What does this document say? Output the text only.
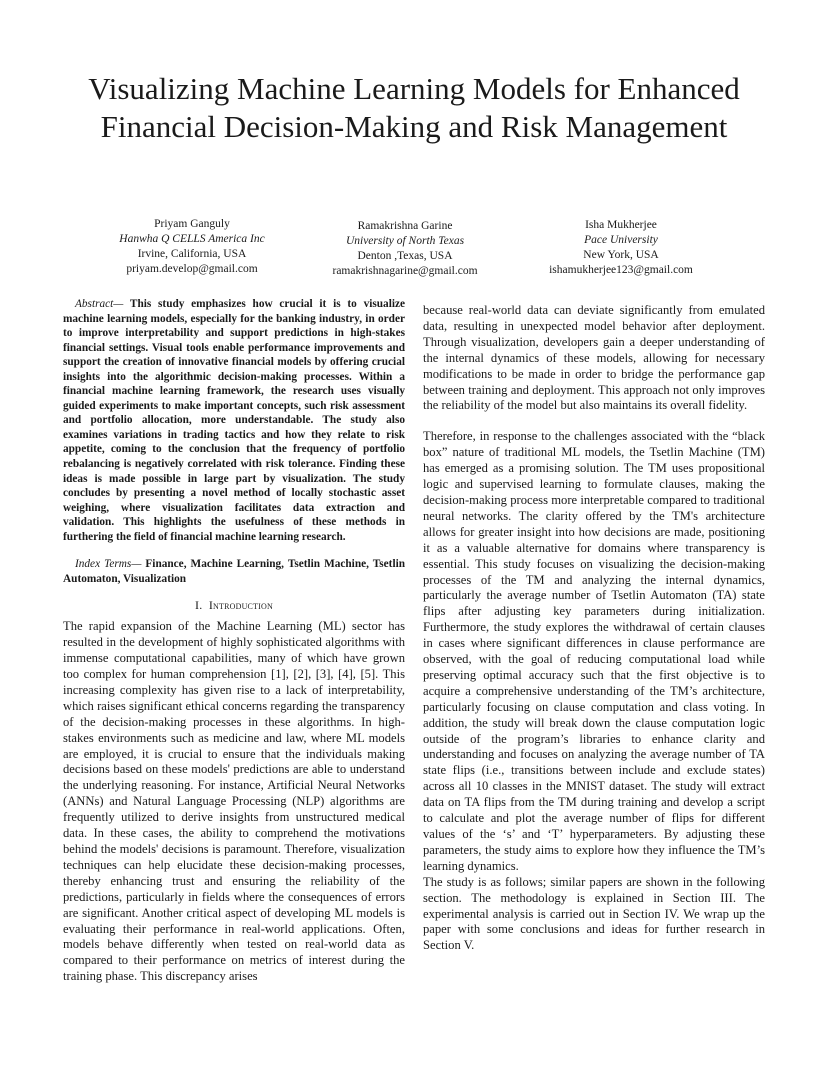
Visualizing Machine Learning Models for Enhanced Financial Decision-Making and Risk Management
Priyam Ganguly
Hanwha Q CELLS America Inc
Irvine, California, USA
priyam.develop@gmail.com
Ramakrishna Garine
University of North Texas
Denton ,Texas, USA
ramakrishnagarine@gmail.com
Isha Mukherjee
Pace University
New York, USA
ishamukherjee123@gmail.com

Abstract— This study emphasizes how crucial it is to visualize machine learning models, especially for the banking industry, in order to improve interpretability and support predictions in high-stakes financial settings. Visual tools enable performance improvements and support the creation of innovative financial models by offering crucial insights into the algorithmic decision-making processes. Within a financial machine learning framework, the research uses visually guided experiments to make important concepts, such risk assessment and portfolio allocation, more understandable. The study also examines variations in trading tactics and how they relate to risk appetite, coming to the conclusion that the frequency of portfolio rebalancing is negatively correlated with risk tolerance. Finding these ideas is made possible in large part by visualization. The study concludes by presenting a novel method of locally stochastic asset weighing, where visualization facilitates data extraction and validation. This highlights the usefulness of these methods in furthering the field of financial machine learning research.

Index Terms— Finance, Machine Learning, Tsetlin Machine, Tsetlin Automaton, Visualization

I. Introduction

The rapid expansion of the Machine Learning (ML) sector has resulted in the development of highly sophisticated algorithms with immense computational capabilities, many of which have grown too complex for human comprehension [1], [2], [3], [4], [5]. This increasing complexity has given rise to a lack of interpretability, which raises significant ethical concerns regarding the transparency of the decision-making processes in these algorithms. In high-stakes environments such as medicine and law, where ML models are employed, it is crucial to ensure that the individuals making decisions based on these models' predictions are able to understand the underlying reasoning. For instance, Artificial Neural Networks (ANNs) and Natural Language Processing (NLP) algorithms are frequently utilized to derive insights from unstructured medical data. In these cases, the ability to comprehend the motivations behind the models' decisions is paramount. Therefore, visualization techniques can help elucidate these decision-making processes, thereby enhancing trust and ensuring the reliability of the predictions, particularly in fields where the consequences of errors are significant. Another critical aspect of developing ML models is evaluating their performance in real-world applications. Often, models behave differently when tested on real-world data as compared to their performance on metrics of interest during the training phase. This discrepancy arises

because real-world data can deviate significantly from emulated data, resulting in unexpected model behavior after deployment. Through visualization, developers gain a deeper understanding of the internal dynamics of these models, allowing for necessary modifications to be made in order to bridge the performance gap between training and deployment. This approach not only improves the reliability of the model but also maintains its overall fidelity.

Therefore, in response to the challenges associated with the “black box” nature of traditional ML models, the Tsetlin Machine (TM) has emerged as a promising solution. The TM uses propositional logic and supervised learning to formulate clauses, making the decision-making process more interpretable compared to traditional neural networks. The clarity offered by the TM's architecture allows for greater insight into how decisions are made, positioning it as a valuable alternative for domains where transparency is essential. This study focuses on visualizing the decision-making processes of the TM and analyzing the internal dynamics, particularly the average number of Tsetlin Automaton (TA) state flips after adjusting key parameters during initialization. Furthermore, the study explores the withdrawal of certain clauses in cases where significant differences in clause performance are observed, with the goal of reducing computational load while preserving optimal accuracy such that the first objective is to acquire a comprehensive understanding of the TM’s architecture, particularly focusing on clause computation and class voting. In addition, the study will break down the clause computation logic outside of the program’s libraries to enhance clarity and understanding and focuses on analyzing the average number of TA state flips (i.e., transitions between include and exclude states) across all 10 classes in the MNIST dataset. The study will extract data on TA flips from the TM during training and develop a script to calculate and plot the average number of flips for different values of the ‘s’ and ‘T’ hyperparameters. By adjusting these parameters, the study aims to explore how they influence the TM’s learning dynamics.

The study is as follows; similar papers are shown in the following section. The methodology is explained in Section III. The experimental analysis is carried out in Section IV. We wrap up the paper with some conclusions and ideas for further research in Section V.
